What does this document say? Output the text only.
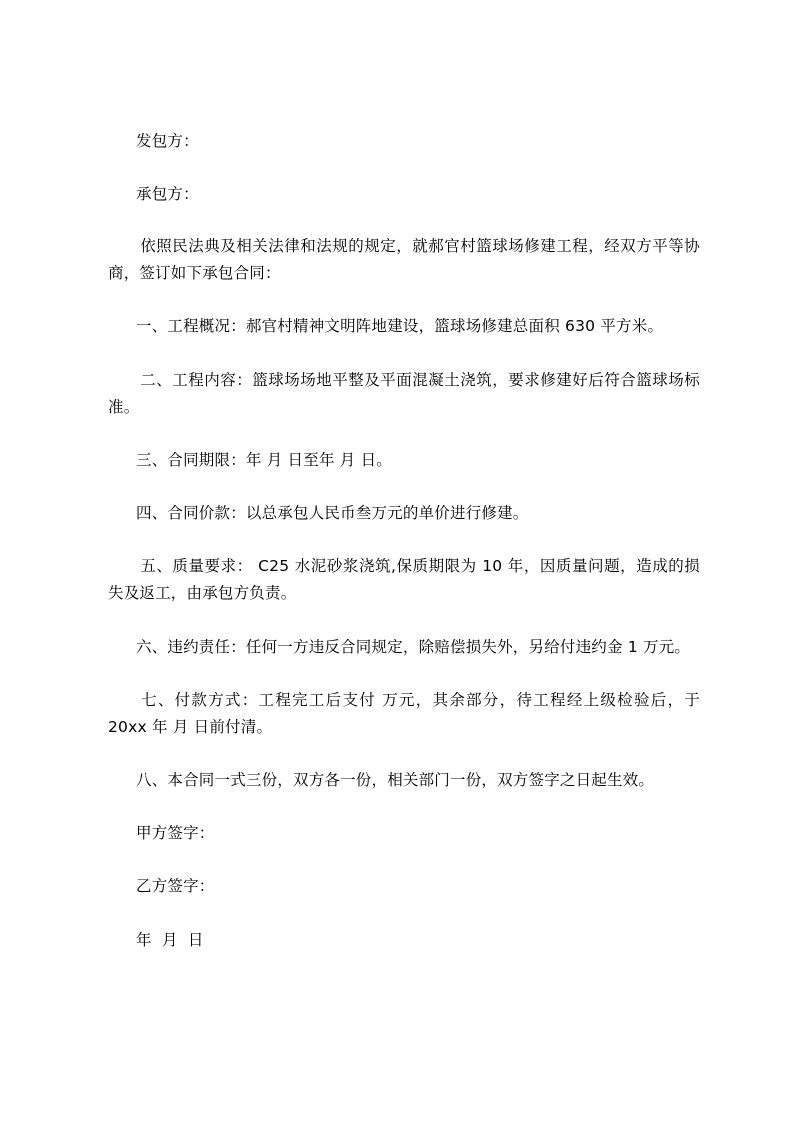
发包方：

承包方：

依照民法典及相关法律和法规的规定，就郝官村篮球场修建工程，经双方平等协商，签订如下承包合同：

一、工程概况：郝官村精神文明阵地建设，篮球场修建总面积 630 平方米。

二、工程内容：篮球场场地平整及平面混凝土浇筑，要求修建好后符合篮球场标准。

三、合同期限：年 月 日至年 月 日。

四、合同价款：以总承包人民币叁万元的单价进行修建。

五、质量要求： C25 水泥砂浆浇筑,保质期限为 10 年，因质量问题，造成的损失及返工，由承包方负责。

六、违约责任：任何一方违反合同规定，除赔偿损失外，另给付违约金 1 万元。

七、付款方式：工程完工后支付 万元，其余部分，待工程经上级检验后，于 20xx 年 月 日前付清。

八、本合同一式三份，双方各一份，相关部门一份，双方签字之日起生效。

甲方签字：

乙方签字：

年  月  日
